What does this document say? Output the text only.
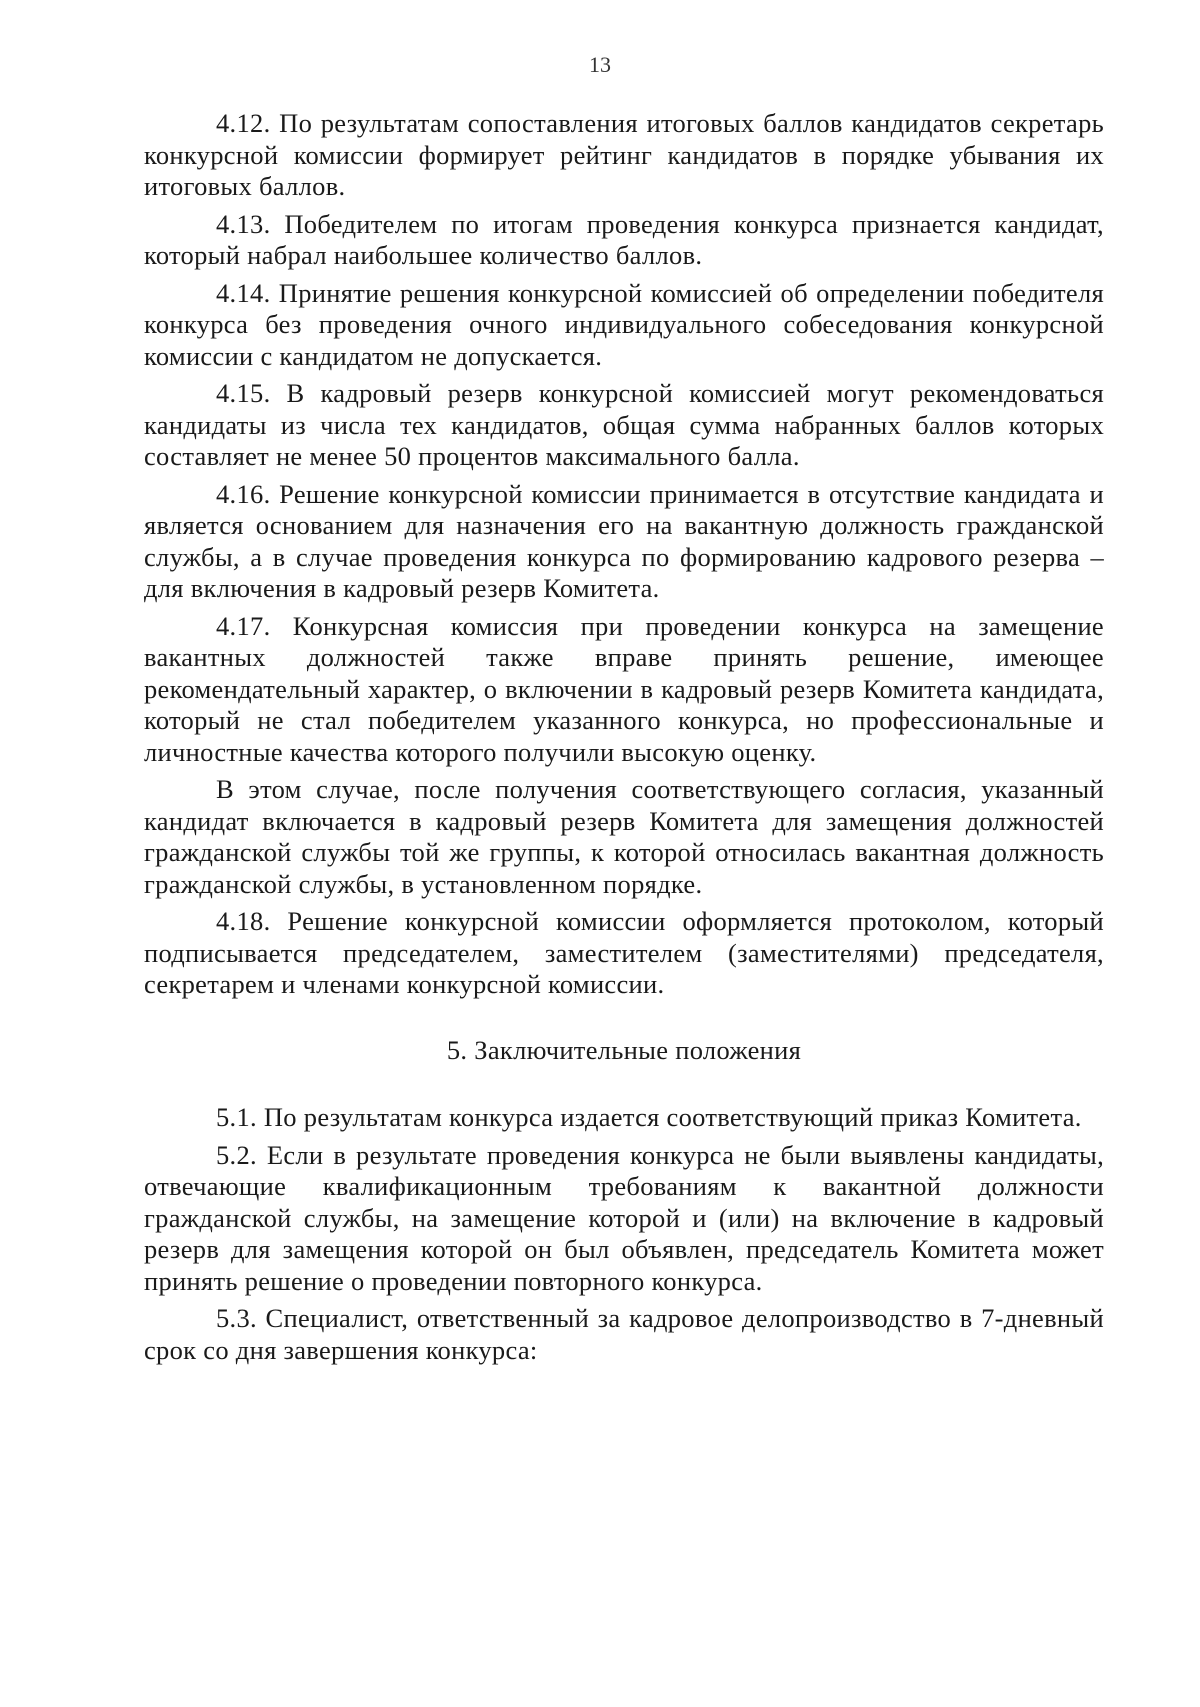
13

4.12. По результатам сопоставления итоговых баллов кандидатов секретарь конкурсной комиссии формирует рейтинг кандидатов в порядке убывания их итоговых баллов.

4.13. Победителем по итогам проведения конкурса признается кандидат, который набрал наибольшее количество баллов.

4.14. Принятие решения конкурсной комиссией об определении победителя конкурса без проведения очного индивидуального собеседования конкурсной комиссии с кандидатом не допускается.

4.15. В кадровый резерв конкурсной комиссией могут рекомендоваться кандидаты из числа тех кандидатов, общая сумма набранных баллов которых составляет не менее 50 процентов максимального балла.

4.16. Решение конкурсной комиссии принимается в отсутствие кандидата и является основанием для назначения его на вакантную должность гражданской службы, а в случае проведения конкурса по формированию кадрового резерва – для включения в кадровый резерв Комитета.

4.17. Конкурсная комиссия при проведении конкурса на замещение вакантных должностей также вправе принять решение, имеющее рекомендательный характер, о включении в кадровый резерв Комитета кандидата, который не стал победителем указанного конкурса, но профессиональные и личностные качества которого получили высокую оценку.

В этом случае, после получения соответствующего согласия, указанный кандидат включается в кадровый резерв Комитета для замещения должностей гражданской службы той же группы, к которой относилась вакантная должность гражданской службы, в установленном порядке.

4.18. Решение конкурсной комиссии оформляется протоколом, который подписывается председателем, заместителем (заместителями) председателя, секретарем и членами конкурсной комиссии.

5. Заключительные положения

5.1. По результатам конкурса издается соответствующий приказ Комитета.

5.2. Если в результате проведения конкурса не были выявлены кандидаты, отвечающие квалификационным требованиям к вакантной должности гражданской службы, на замещение которой и (или) на включение в кадровый резерв для замещения которой он был объявлен, председатель Комитета может принять решение о проведении повторного конкурса.

5.3. Специалист, ответственный за кадровое делопроизводство в 7-дневный срок со дня завершения конкурса:
